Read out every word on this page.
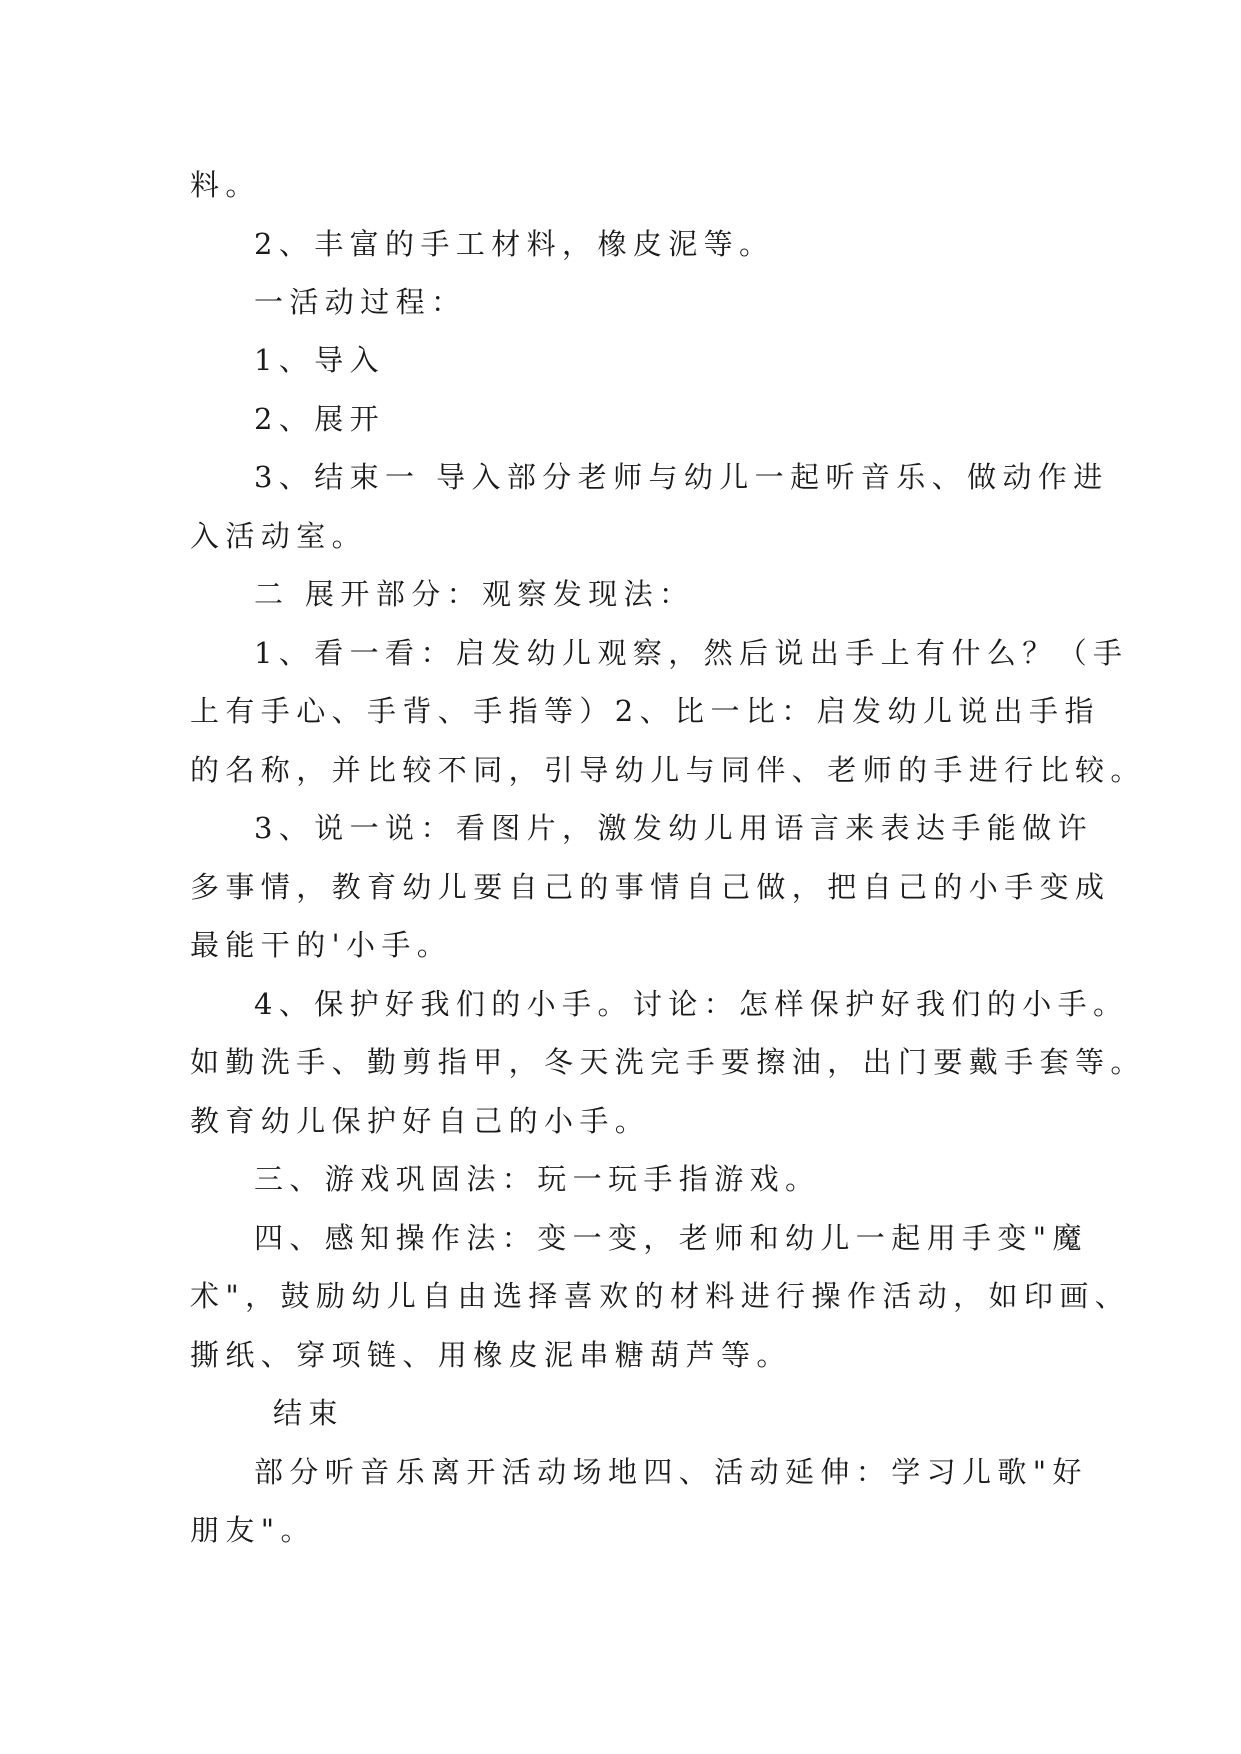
料。
2、丰富的手工材料，橡皮泥等。
一活动过程：
1、导入
2、展开
3、结束一 导入部分老师与幼儿一起听音乐、做动作进
入活动室。
二 展开部分：观察发现法：
1、看一看：启发幼儿观察，然后说出手上有什么？（手
上有手心、手背、手指等）2、比一比：启发幼儿说出手指
的名称，并比较不同，引导幼儿与同伴、老师的手进行比较。
3、说一说：看图片，激发幼儿用语言来表达手能做许
多事情，教育幼儿要自己的事情自己做，把自己的小手变成
最能干的'小手。
4、保护好我们的小手。讨论：怎样保护好我们的小手。
如勤洗手、勤剪指甲，冬天洗完手要擦油，出门要戴手套等。
教育幼儿保护好自己的小手。
三、游戏巩固法：玩一玩手指游戏。
四、感知操作法：变一变，老师和幼儿一起用手变"魔
术"，鼓励幼儿自由选择喜欢的材料进行操作活动，如印画、
撕纸、穿项链、用橡皮泥串糖葫芦等。
结束
部分听音乐离开活动场地四、活动延伸：学习儿歌"好
朋友"。
